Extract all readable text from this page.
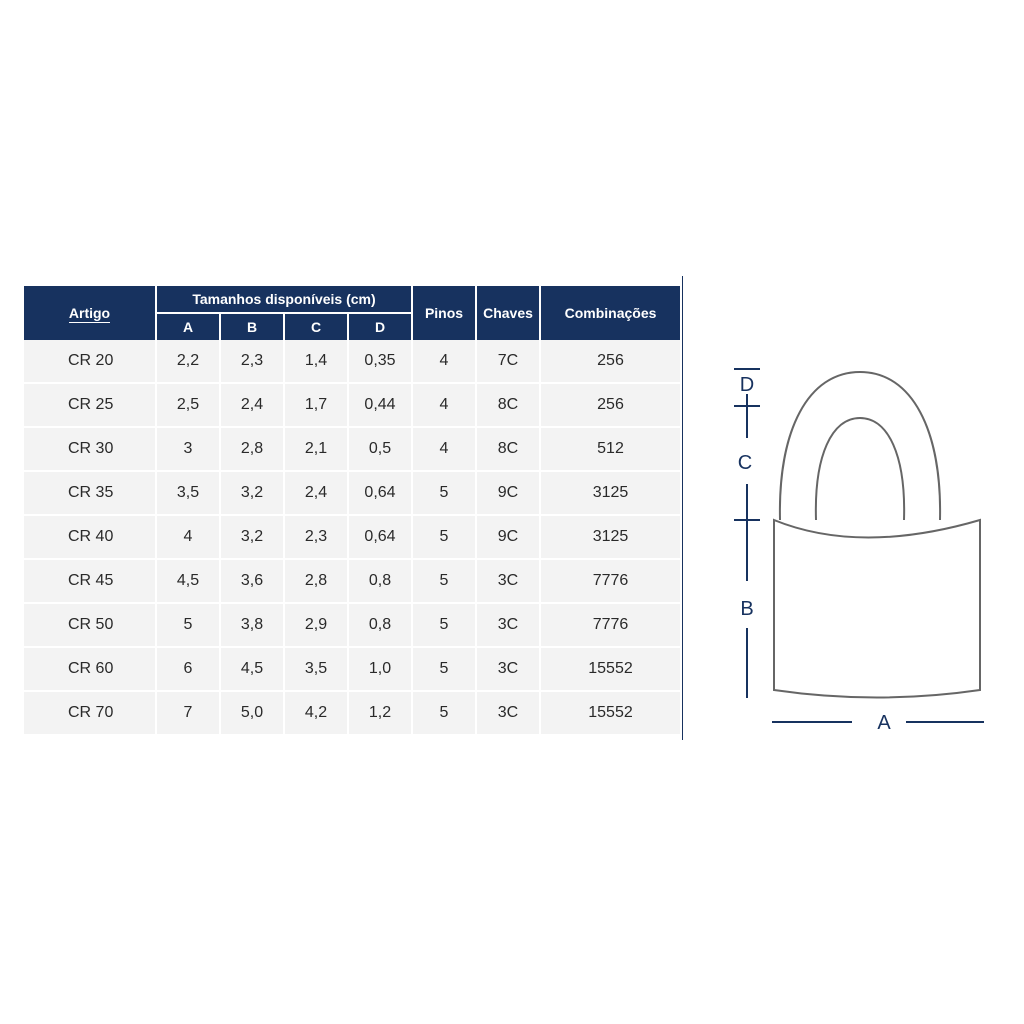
Artigo	Tamanhos disponíveis (cm)				Pinos	Chaves	Combinações
	A	B	C	D			
CR 20	2,2	2,3	1,4	0,35	4	7C	256
CR 25	2,5	2,4	1,7	0,44	4	8C	256
CR 30	3	2,8	2,1	0,5	4	8C	512
CR 35	3,5	3,2	2,4	0,64	5	9C	3125
CR 40	4	3,2	2,3	0,64	5	9C	3125
CR 45	4,5	3,6	2,8	0,8	5	3C	7776
CR 50	5	3,8	2,9	0,8	5	3C	7776
CR 60	6	4,5	3,5	1,0	5	3C	15552
CR 70	7	5,0	4,2	1,2	5	3C	15552
D
C
B
A
